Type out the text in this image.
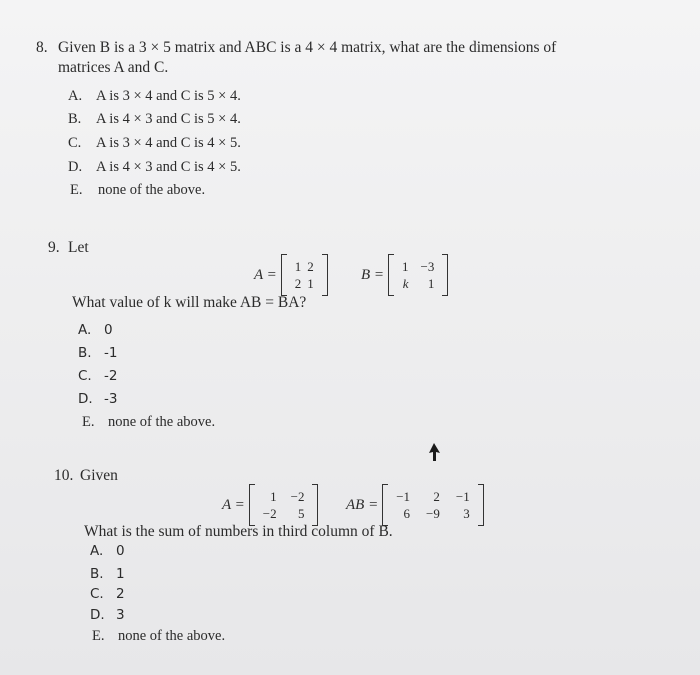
8. Given B is a 3 × 5 matrix and ABC is a 4 × 4 matrix, what are the dimensions of
matrices A and C.
A. A is 3 × 4 and C is 5 × 4.
B. A is 4 × 3 and C is 5 × 4.
C. A is 3 × 4 and C is 4 × 5.
D. A is 4 × 3 and C is 4 × 5.
E. none of the above.
9. Let
A = 1 2
2 1
B = 1 −3
k	1
What value of k will make AB = BA?
A. 0
B. -1
C. -2
D. -3
E. none of the above.
10. Given
A =	1 −2
−2	5
AB = −1	2 −1
6 −9	3
What is the sum of numbers in third column of B.
A. 0
B. 1
C. 2
D. 3
E. none of the above.
